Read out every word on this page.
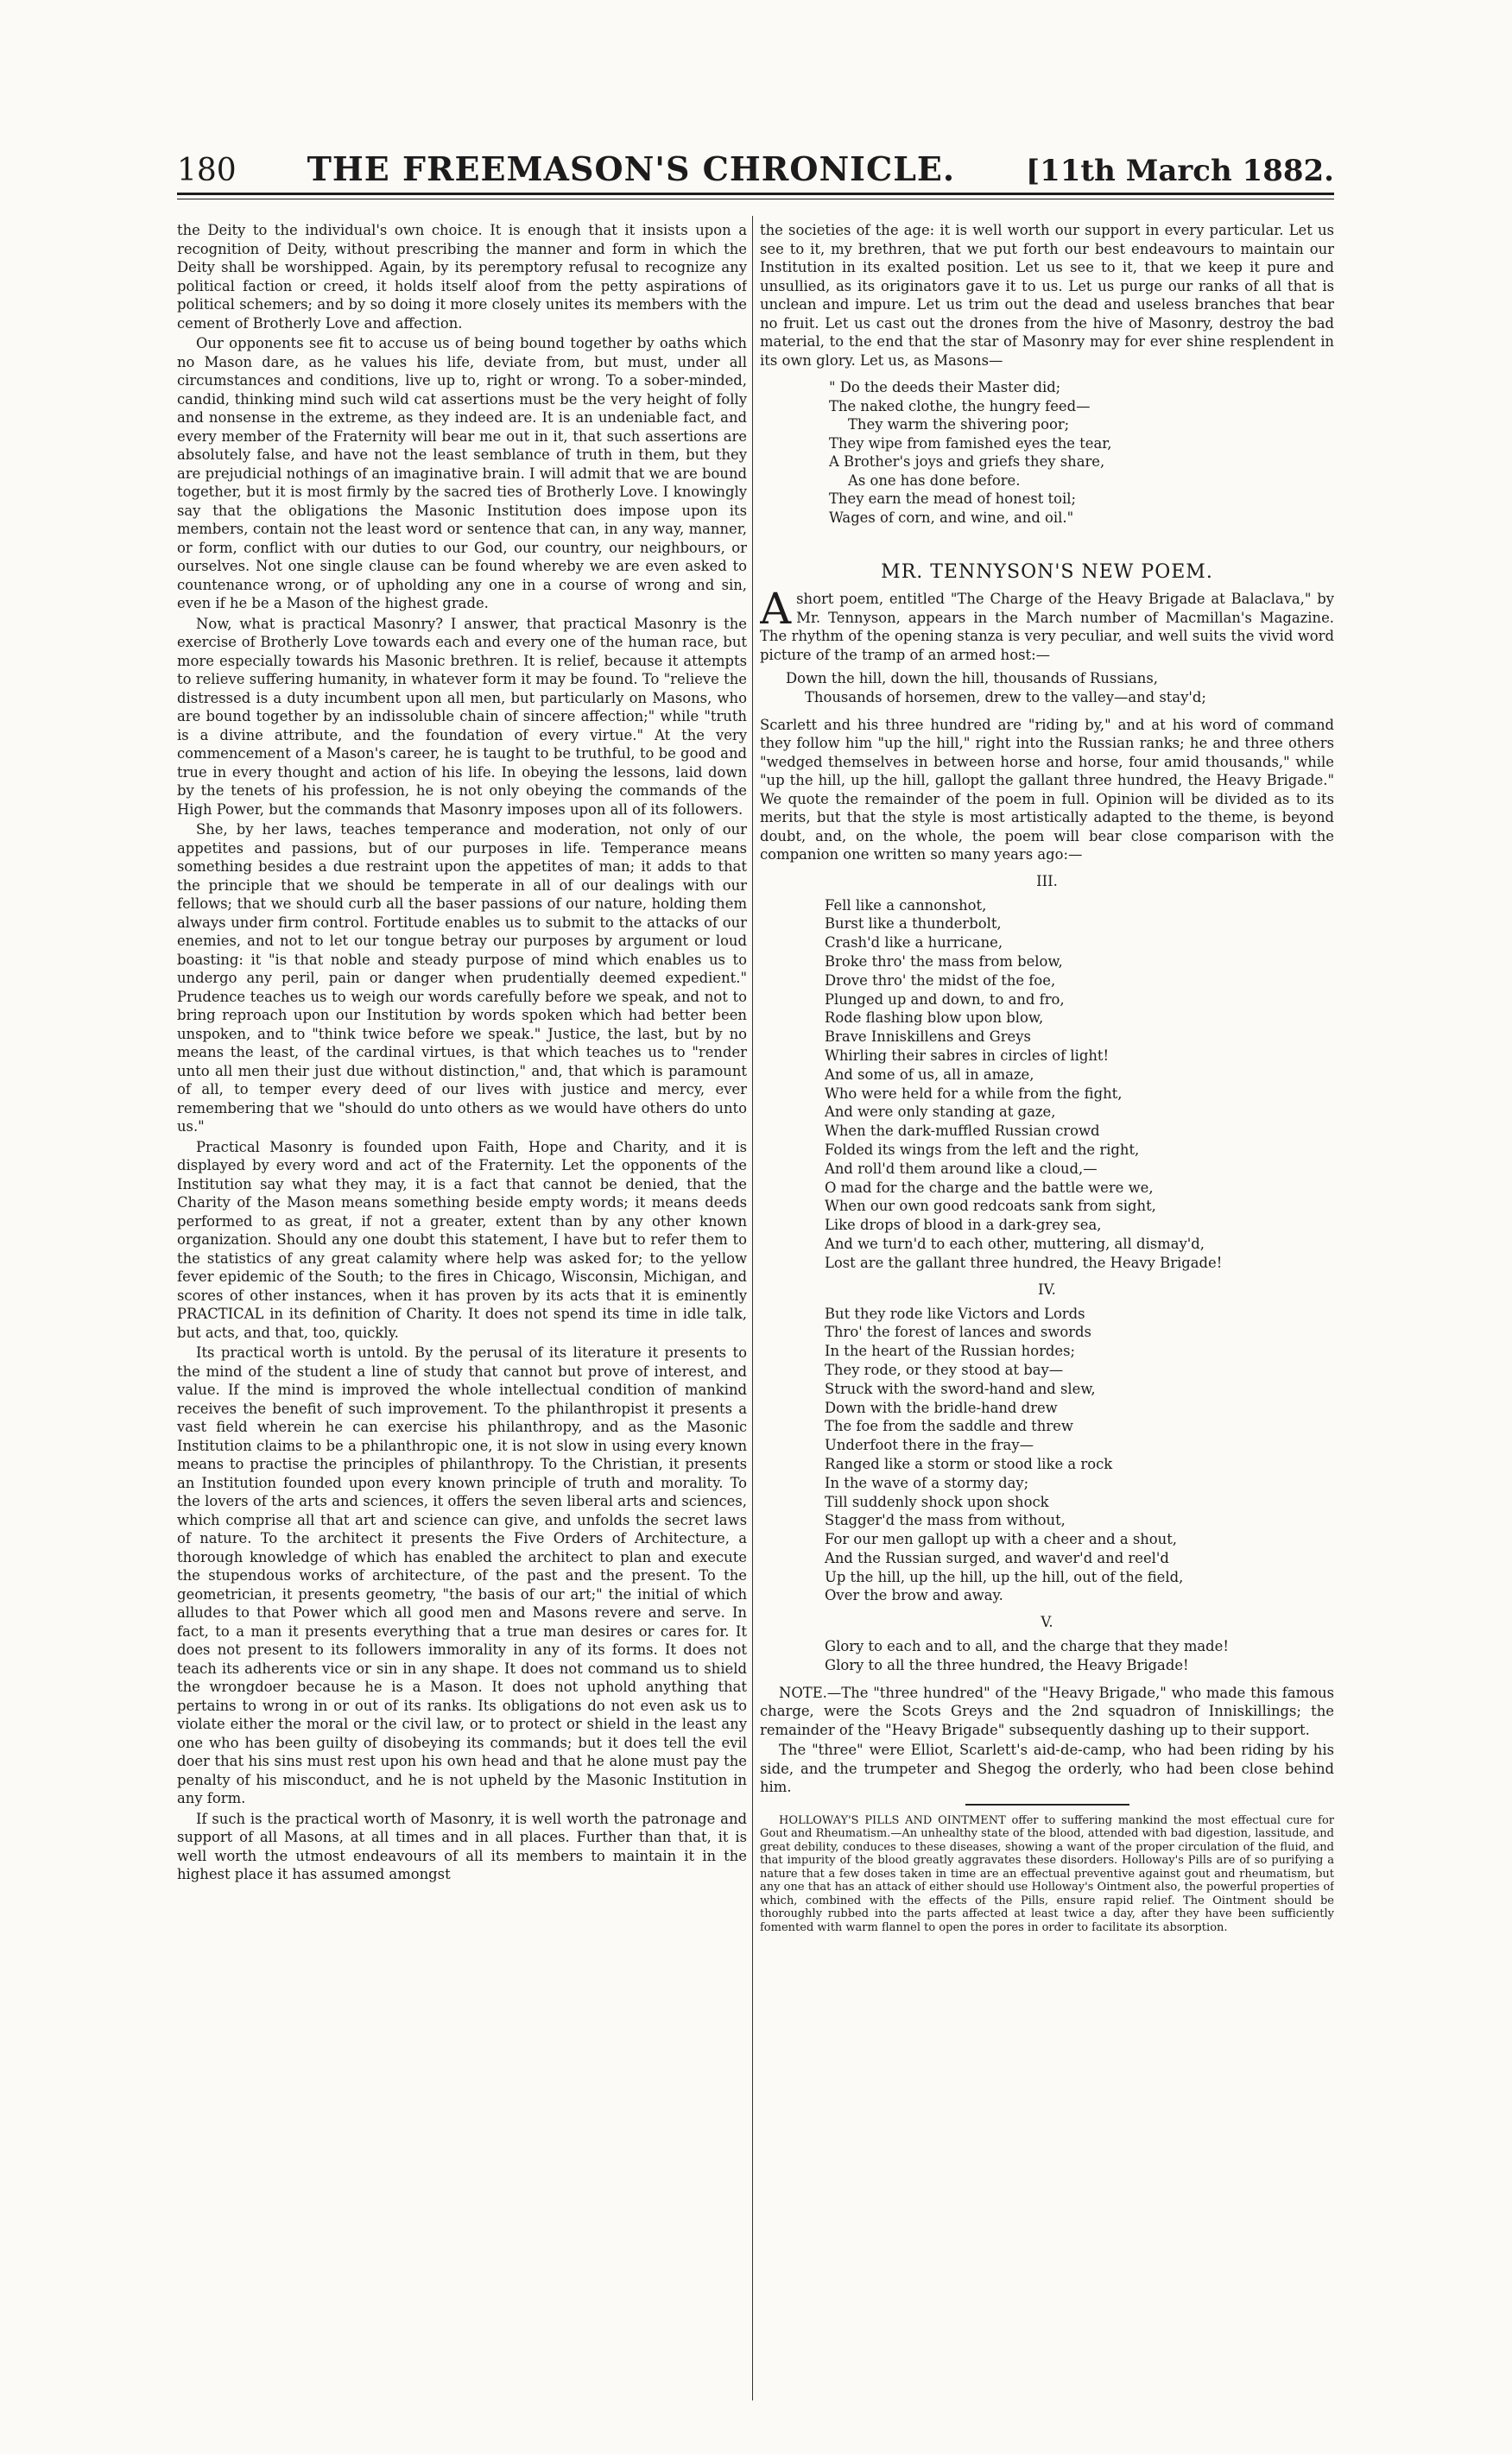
180 THE FREEMASON'S CHRONICLE. [11th March 1882.

the Deity to the individual's own choice. It is enough that it insists upon a recognition of Deity, without prescribing the manner and form in which the Deity shall be worshipped. Again, by its peremptory refusal to recognize any political faction or creed, it holds itself aloof from the petty aspirations of political schemers; and by so doing it more closely unites its members with the cement of Brotherly Love and affection.

Our opponents see fit to accuse us of being bound together by oaths which no Mason dare, as he values his life, deviate from, but must, under all circumstances and conditions, live up to, right or wrong. To a sober-minded, candid, thinking mind such wild cat assertions must be the very height of folly and nonsense in the extreme, as they indeed are. It is an undeniable fact, and every member of the Fraternity will bear me out in it, that such assertions are absolutely false, and have not the least semblance of truth in them, but they are prejudicial nothings of an imaginative brain. I will admit that we are bound together, but it is most firmly by the sacred ties of Brotherly Love. I knowingly say that the obligations the Masonic Institution does impose upon its members, contain not the least word or sentence that can, in any way, manner, or form, conflict with our duties to our God, our country, our neighbours, or ourselves. Not one single clause can be found whereby we are even asked to countenance wrong, or of upholding any one in a course of wrong and sin, even if he be a Mason of the highest grade.

Now, what is practical Masonry? I answer, that practical Masonry is the exercise of Brotherly Love towards each and every one of the human race, but more especially towards his Masonic brethren. It is relief, because it attempts to relieve suffering humanity, in whatever form it may be found. To "relieve the distressed is a duty incumbent upon all men, but particularly on Masons, who are bound together by an indissoluble chain of sincere affection;" while "truth is a divine attribute, and the foundation of every virtue." At the very commencement of a Mason's career, he is taught to be truthful, to be good and true in every thought and action of his life. In obeying the lessons, laid down by the tenets of his profession, he is not only obeying the commands of the High Power, but the commands that Masonry imposes upon all of its followers.

She, by her laws, teaches temperance and moderation, not only of our appetites and passions, but of our purposes in life. Temperance means something besides a due restraint upon the appetites of man; it adds to that the principle that we should be temperate in all of our dealings with our fellows; that we should curb all the baser passions of our nature, holding them always under firm control. Fortitude enables us to submit to the attacks of our enemies, and not to let our tongue betray our purposes by argument or loud boasting: it "is that noble and steady purpose of mind which enables us to undergo any peril, pain or danger when prudentially deemed expedient." Prudence teaches us to weigh our words carefully before we speak, and not to bring reproach upon our Institution by words spoken which had better been unspoken, and to "think twice before we speak." Justice, the last, but by no means the least, of the cardinal virtues, is that which teaches us to "render unto all men their just due without distinction," and, that which is paramount of all, to temper every deed of our lives with justice and mercy, ever remembering that we "should do unto others as we would have others do unto us."

Practical Masonry is founded upon Faith, Hope and Charity, and it is displayed by every word and act of the Fraternity. Let the opponents of the Institution say what they may, it is a fact that cannot be denied, that the Charity of the Mason means something beside empty words; it means deeds performed to as great, if not a greater, extent than by any other known organization. Should any one doubt this statement, I have but to refer them to the statistics of any great calamity where help was asked for; to the yellow fever epidemic of the South; to the fires in Chicago, Wisconsin, Michigan, and scores of other instances, when it has proven by its acts that it is eminently PRACTICAL in its definition of Charity. It does not spend its time in idle talk, but acts, and that, too, quickly.

Its practical worth is untold. By the perusal of its literature it presents to the mind of the student a line of study that cannot but prove of interest, and value. If the mind is improved the whole intellectual condition of mankind receives the benefit of such improvement. To the philanthropist it presents a vast field wherein he can exercise his philanthropy, and as the Masonic Institution claims to be a philanthropic one, it is not slow in using every known means to practise the principles of philanthropy. To the Christian, it presents an Institution founded upon every known principle of truth and morality. To the lovers of the arts and sciences, it offers the seven liberal arts and sciences, which comprise all that art and science can give, and unfolds the secret laws of nature. To the architect it presents the Five Orders of Architecture, a thorough knowledge of which has enabled the architect to plan and execute the stupendous works of architecture, of the past and the present. To the geometrician, it presents geometry, "the basis of our art;" the initial of which alludes to that Power which all good men and Masons revere and serve. In fact, to a man it presents everything that a true man desires or cares for. It does not present to its followers immorality in any of its forms. It does not teach its adherents vice or sin in any shape. It does not command us to shield the wrongdoer because he is a Mason. It does not uphold anything that pertains to wrong in or out of its ranks. Its obligations do not even ask us to violate either the moral or the civil law, or to protect or shield in the least any one who has been guilty of disobeying its commands; but it does tell the evil doer that his sins must rest upon his own head and that he alone must pay the penalty of his misconduct, and he is not upheld by the Masonic Institution in any form.

If such is the practical worth of Masonry, it is well worth the patronage and support of all Masons, at all times and in all places. Further than that, it is well worth the utmost endeavours of all its members to maintain it in the highest place it has assumed amongst

the societies of the age: it is well worth our support in every particular. Let us see to it, my brethren, that we put forth our best endeavours to maintain our Institution in its exalted position. Let us see to it, that we keep it pure and unsullied, as its originators gave it to us. Let us purge our ranks of all that is unclean and impure. Let us trim out the dead and useless branches that bear no fruit. Let us cast out the drones from the hive of Masonry, destroy the bad material, to the end that the star of Masonry may for ever shine resplendent in its own glory. Let us, as Masons—

" Do the deeds their Master did;
The naked clothe, the hungry feed—
They warm the shivering poor;
They wipe from famished eyes the tear,
A Brother's joys and griefs they share,
As one has done before.
They earn the mead of honest toil;
Wages of corn, and wine, and oil."
MR. TENNYSON'S NEW POEM.

Ashort poem, entitled "The Charge of the Heavy Brigade at Balaclava," by Mr. Tennyson, appears in the March number of Macmillan's Magazine. The rhythm of the opening stanza is very peculiar, and well suits the vivid word picture of the tramp of an armed host:—

Down the hill, down the hill, thousands of Russians,
Thousands of horsemen, drew to the valley—and stay'd;

Scarlett and his three hundred are "riding by," and at his word of command they follow him "up the hill," right into the Russian ranks; he and three others "wedged themselves in between horse and horse, four amid thousands," while "up the hill, up the hill, gallopt the gallant three hundred, the Heavy Brigade." We quote the remainder of the poem in full. Opinion will be divided as to its merits, but that the style is most artistically adapted to the theme, is beyond doubt, and, on the whole, the poem will bear close comparison with the companion one written so many years ago:—

III.
Fell like a cannonshot,
Burst like a thunderbolt,
Crash'd like a hurricane,
Broke thro' the mass from below,
Drove thro' the midst of the foe,
Plunged up and down, to and fro,
Rode flashing blow upon blow,
Brave Inniskillens and Greys
Whirling their sabres in circles of light!
And some of us, all in amaze,
Who were held for a while from the fight,
And were only standing at gaze,
When the dark-muffled Russian crowd
Folded its wings from the left and the right,
And roll'd them around like a cloud,—
O mad for the charge and the battle were we,
When our own good redcoats sank from sight,
Like drops of blood in a dark-grey sea,
And we turn'd to each other, muttering, all dismay'd,
Lost are the gallant three hundred, the Heavy Brigade!
IV.
But they rode like Victors and Lords
Thro' the forest of lances and swords
In the heart of the Russian hordes;
They rode, or they stood at bay—
Struck with the sword-hand and slew,
Down with the bridle-hand drew
The foe from the saddle and threw
Underfoot there in the fray—
Ranged like a storm or stood like a rock
In the wave of a stormy day;
Till suddenly shock upon shock
Stagger'd the mass from without,
For our men gallopt up with a cheer and a shout,
And the Russian surged, and waver'd and reel'd
Up the hill, up the hill, up the hill, out of the field,
Over the brow and away.
V.
Glory to each and to all, and the charge that they made!
Glory to all the three hundred, the Heavy Brigade!

NOTE.—The "three hundred" of the "Heavy Brigade," who made this famous charge, were the Scots Greys and the 2nd squadron of Inniskillings; the remainder of the "Heavy Brigade" subsequently dashing up to their support.

The "three" were Elliot, Scarlett's aid-de-camp, who had been riding by his side, and the trumpeter and Shegog the orderly, who had been close behind him.

HOLLOWAY'S PILLS AND OINTMENT offer to suffering mankind the most effectual cure for Gout and Rheumatism.—An unhealthy state of the blood, attended with bad digestion, lassitude, and great debility, conduces to these diseases, showing a want of the proper circulation of the fluid, and that impurity of the blood greatly aggravates these disorders. Holloway's Pills are of so purifying a nature that a few doses taken in time are an effectual preventive against gout and rheumatism, but any one that has an attack of either should use Holloway's Ointment also, the powerful properties of which, combined with the effects of the Pills, ensure rapid relief. The Ointment should be thoroughly rubbed into the parts affected at least twice a day, after they have been sufficiently fomented with warm flannel to open the pores in order to facilitate its absorption.
